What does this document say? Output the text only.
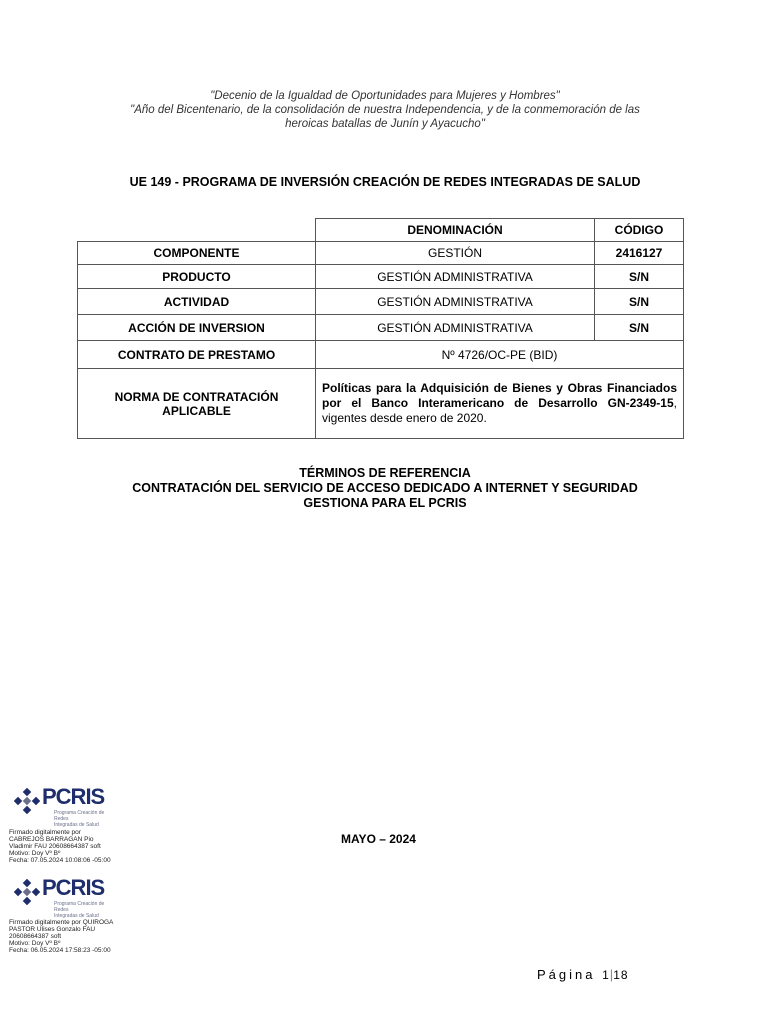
"Decenio de la Igualdad de Oportunidades para Mujeres y Hombres"
"Año del Bicentenario, de la consolidación de nuestra Independencia, y de la conmemoración de las
heroicas batallas de Junín y Ayacucho"
UE 149 - PROGRAMA DE INVERSIÓN CREACIÓN DE REDES INTEGRADAS DE SALUD
	DENOMINACIÓN	CÓDIGO
COMPONENTE	GESTIÓN	2416127
PRODUCTO	GESTIÓN ADMINISTRATIVA	S/N
ACTIVIDAD	GESTIÓN ADMINISTRATIVA	S/N
ACCIÓN DE INVERSION	GESTIÓN ADMINISTRATIVA	S/N
CONTRATO DE PRESTAMO	Nº 4726/OC-PE (BID)	

NORMA DE CONTRATACIÓN
APLICABLE	Políticas para la Adquisición de Bienes y Obras Financiados por el Banco Interamericano de Desarrollo GN-2349-15, vigentes desde enero de 2020.	
TÉRMINOS DE REFERENCIA
CONTRATACIÓN DEL SERVICIO DE ACCESO DEDICADO A INTERNET Y SEGURIDAD
GESTIONA PARA EL PCRIS
PCRIS
Programa Creación de Redes
Integradas de Salud
Firmado digitalmente por
CABREJOS BARRAGAN Pio
Vladimir FAU 20608664387 soft
Motivo: Doy Vº Bº
Fecha: 07.05.2024 10:08:06 -05:00
MAYO – 2024
PCRIS
Programa Creación de Redes
Integradas de Salud
Firmado digitalmente por QUIROGA
PASTOR Ulises Gonzalo FAU
20608664387 soft
Motivo: Doy Vº Bº
Fecha: 06.05.2024 17:58:23 -05:00
Página 1|18
